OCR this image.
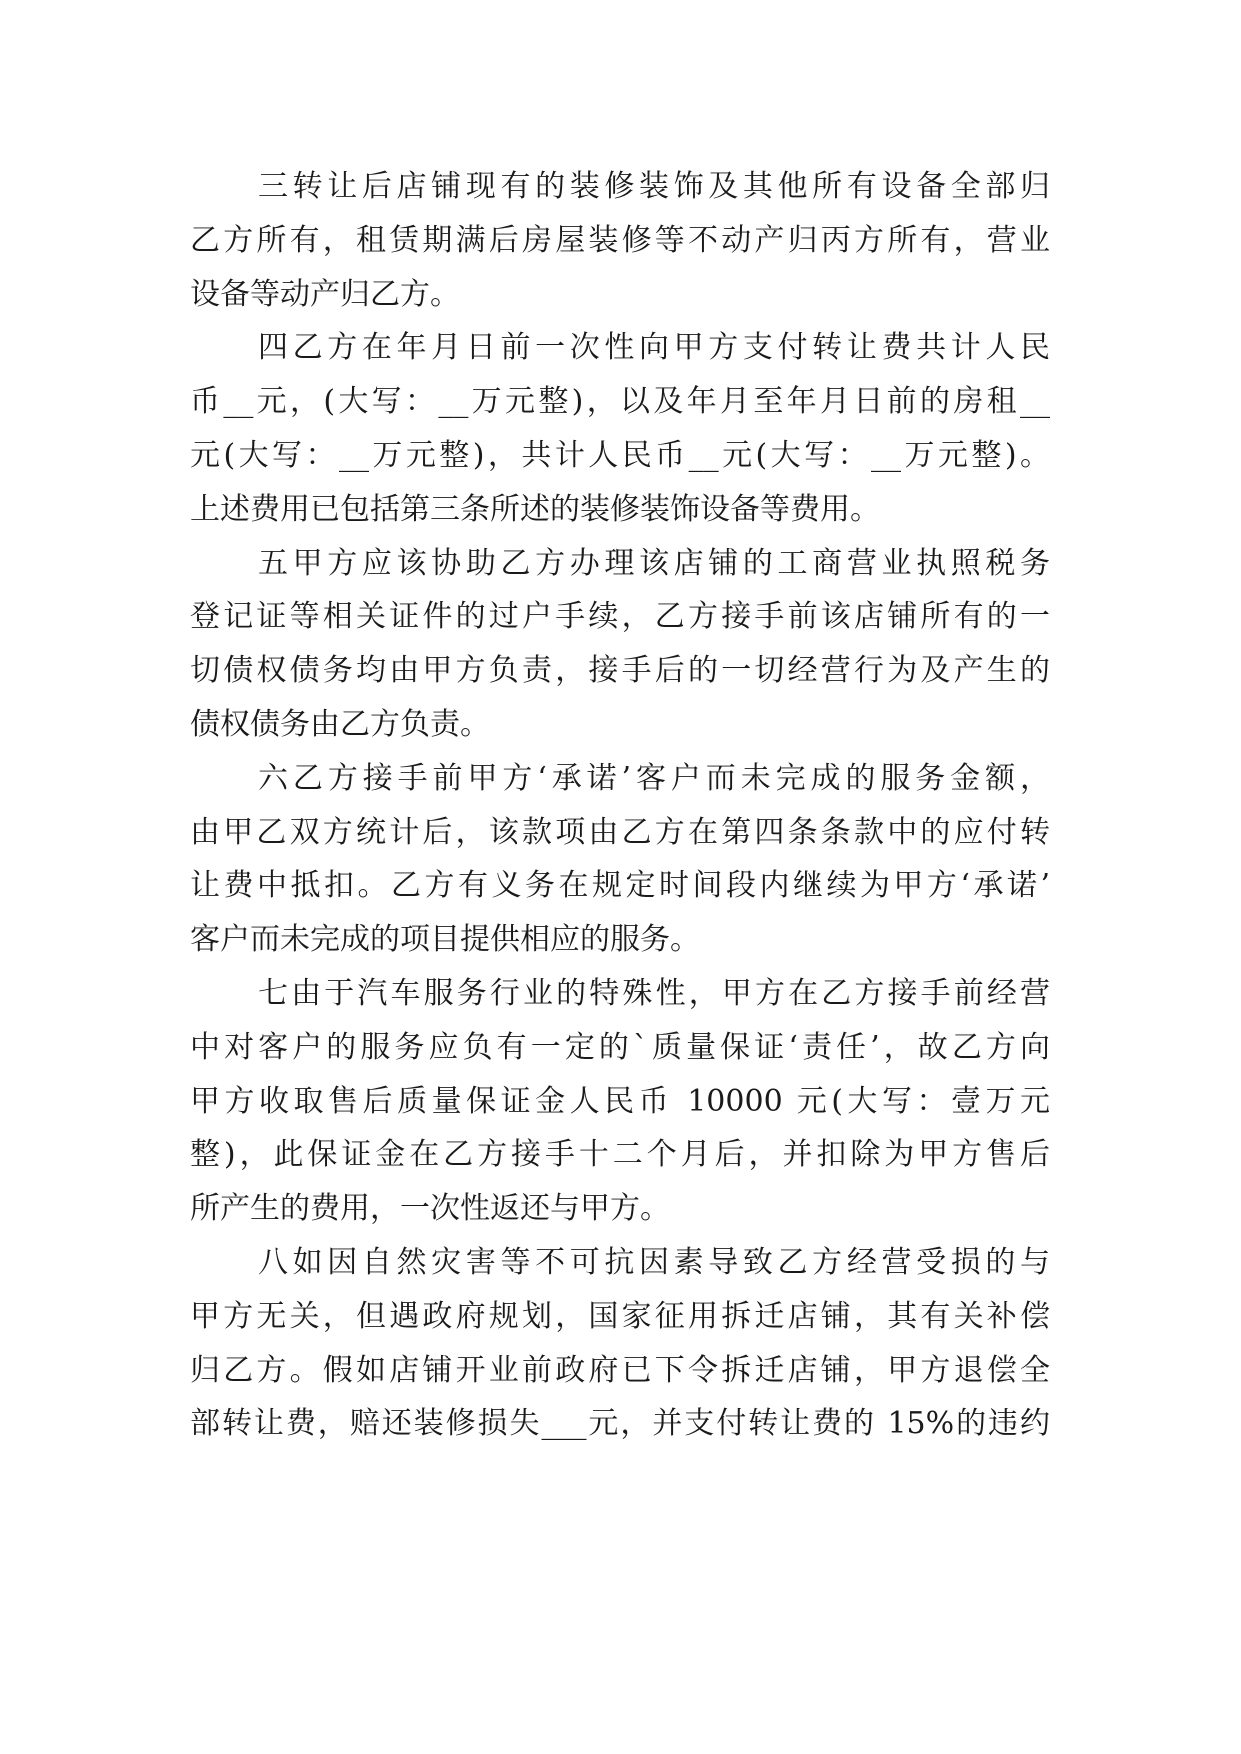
三转让后店铺现有的装修装饰及其他所有设备全部归
乙方所有，租赁期满后房屋装修等不动产归丙方所有，营业
设备等动产归乙方。
四乙方在年月日前一次性向甲方支付转让费共计人民
币__元，(大写：__万元整)，以及年月至年月日前的房租__
元(大写：__万元整)，共计人民币__元(大写：__万元整)。
上述费用已包括第三条所述的装修装饰设备等费用。
五甲方应该协助乙方办理该店铺的工商营业执照税务
登记证等相关证件的过户手续，乙方接手前该店铺所有的一
切债权债务均由甲方负责，接手后的一切经营行为及产生的
债权债务由乙方负责。
六乙方接手前甲方‘承诺’客户而未完成的服务金额，
由甲乙双方统计后，该款项由乙方在第四条条款中的应付转
让费中抵扣。乙方有义务在规定时间段内继续为甲方‘承诺’
客户而未完成的项目提供相应的服务。
七由于汽车服务行业的特殊性，甲方在乙方接手前经营
中对客户的服务应负有一定的`质量保证‘责任’，故乙方向
甲方收取售后质量保证金人民币 10000 元(大写：壹万元
整)，此保证金在乙方接手十二个月后，并扣除为甲方售后
所产生的费用，一次性返还与甲方。
八如因自然灾害等不可抗因素导致乙方经营受损的与
甲方无关，但遇政府规划，国家征用拆迁店铺，其有关补偿
归乙方。假如店铺开业前政府已下令拆迁店铺，甲方退偿全
部转让费，赔还装修损失___元，并支付转让费的 15%的违约
